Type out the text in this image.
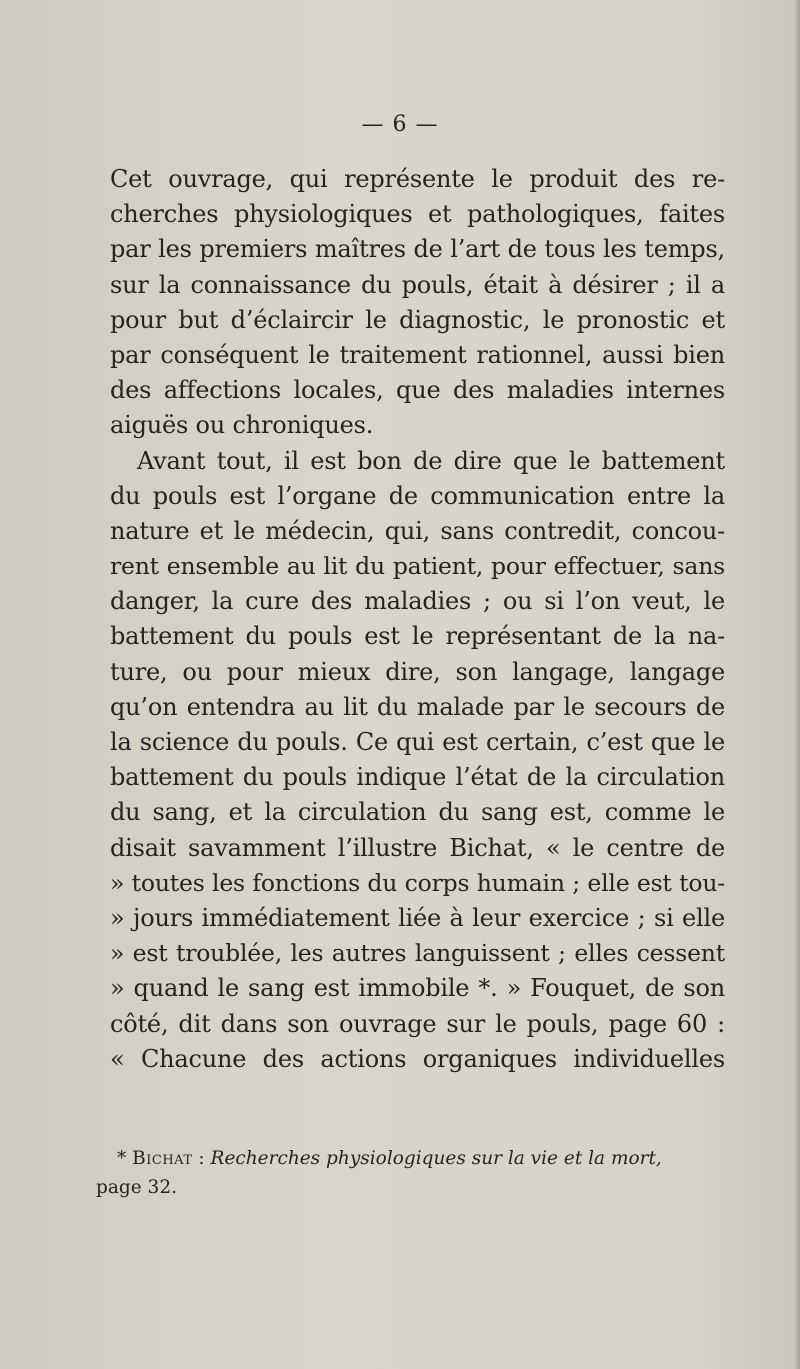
— 6 —
Cet ouvrage, qui représente le produit des re-
cherches physiologiques et pathologiques, faites
par les premiers maîtres de l’art de tous les temps,
sur la connaissance du pouls, était à désirer ; il a
pour but d’éclaircir le diagnostic, le pronostic et
par conséquent le traitement rationnel, aussi bien
des affections locales, que des maladies internes
aiguës ou chroniques.
Avant tout, il est bon de dire que le battement
du pouls est l’organe de communication entre la
nature et le médecin, qui, sans contredit, concou-
rent ensemble au lit du patient, pour effectuer, sans
danger, la cure des maladies ; ou si l’on veut, le
battement du pouls est le représentant de la na-
ture, ou pour mieux dire, son langage, langage
qu’on entendra au lit du malade par le secours de
la science du pouls. Ce qui est certain, c’est que le
battement du pouls indique l’état de la circulation
du sang, et la circulation du sang est, comme le
disait savamment l’illustre Bichat, « le centre de
» toutes les fonctions du corps humain ; elle est tou-
» jours immédiatement liée à leur exercice ; si elle
» est troublée, les autres languissent ; elles cessent
» quand le sang est immobile *. » Fouquet, de son
côté, dit dans son ouvrage sur le pouls, page 60 :
« Chacune des actions organiques individuelles
* Bichat : Recherches physiologiques sur la vie et la mort,
page 32.
